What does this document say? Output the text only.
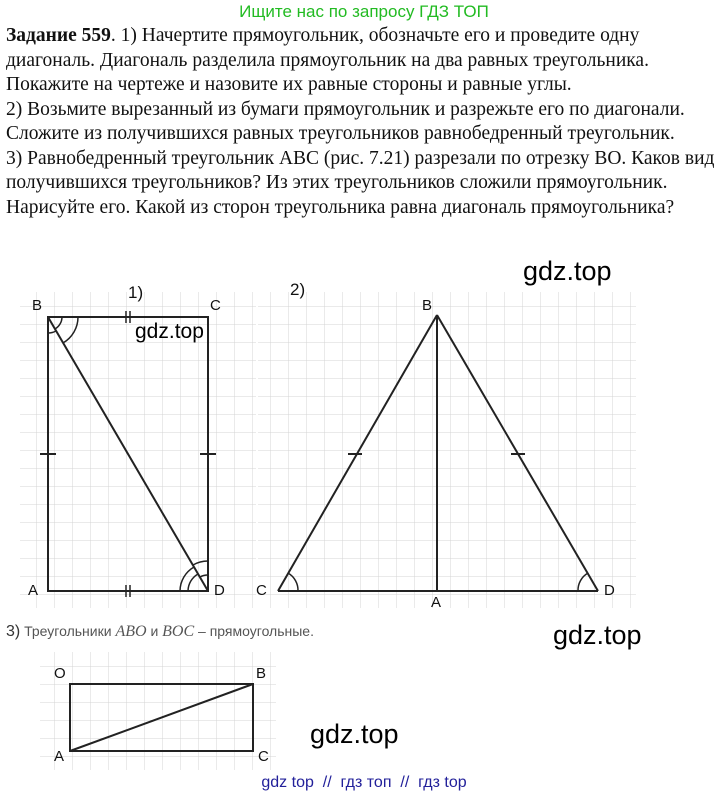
Ищите нас по запросу ГДЗ ТОП

Задание 559. 1) Начертите прямоугольник, обозначьте его и проведите одну диагональ. Диагональ разделила прямоугольник на два равных треугольника. Покажите на чертеже и назовите их равные стороны и равные углы.

2) Возьмите вырезанный из бумаги прямоугольник и разрежьте его по диагонали. Сложите из получившихся равных треугольников равнобедренный треугольник.

3) Равнобедренный треугольник ABC (рис. 7.21) разрезали по отрезку BO. Каков вид получившихся треугольников? Из этих треугольников сложили прямоугольник. Нарисуйте его. Какой из сторон треугольника равна диагональ прямоугольника?

1)
B	C
A	D
2)
B
C
A
D
3) Треугольники ABO и BOC – прямоугольные.
O	B
A	C
gdz.top
gdz.top
gdz.top
gdz.top
gdz top  //  гдз топ  //  гдз top
